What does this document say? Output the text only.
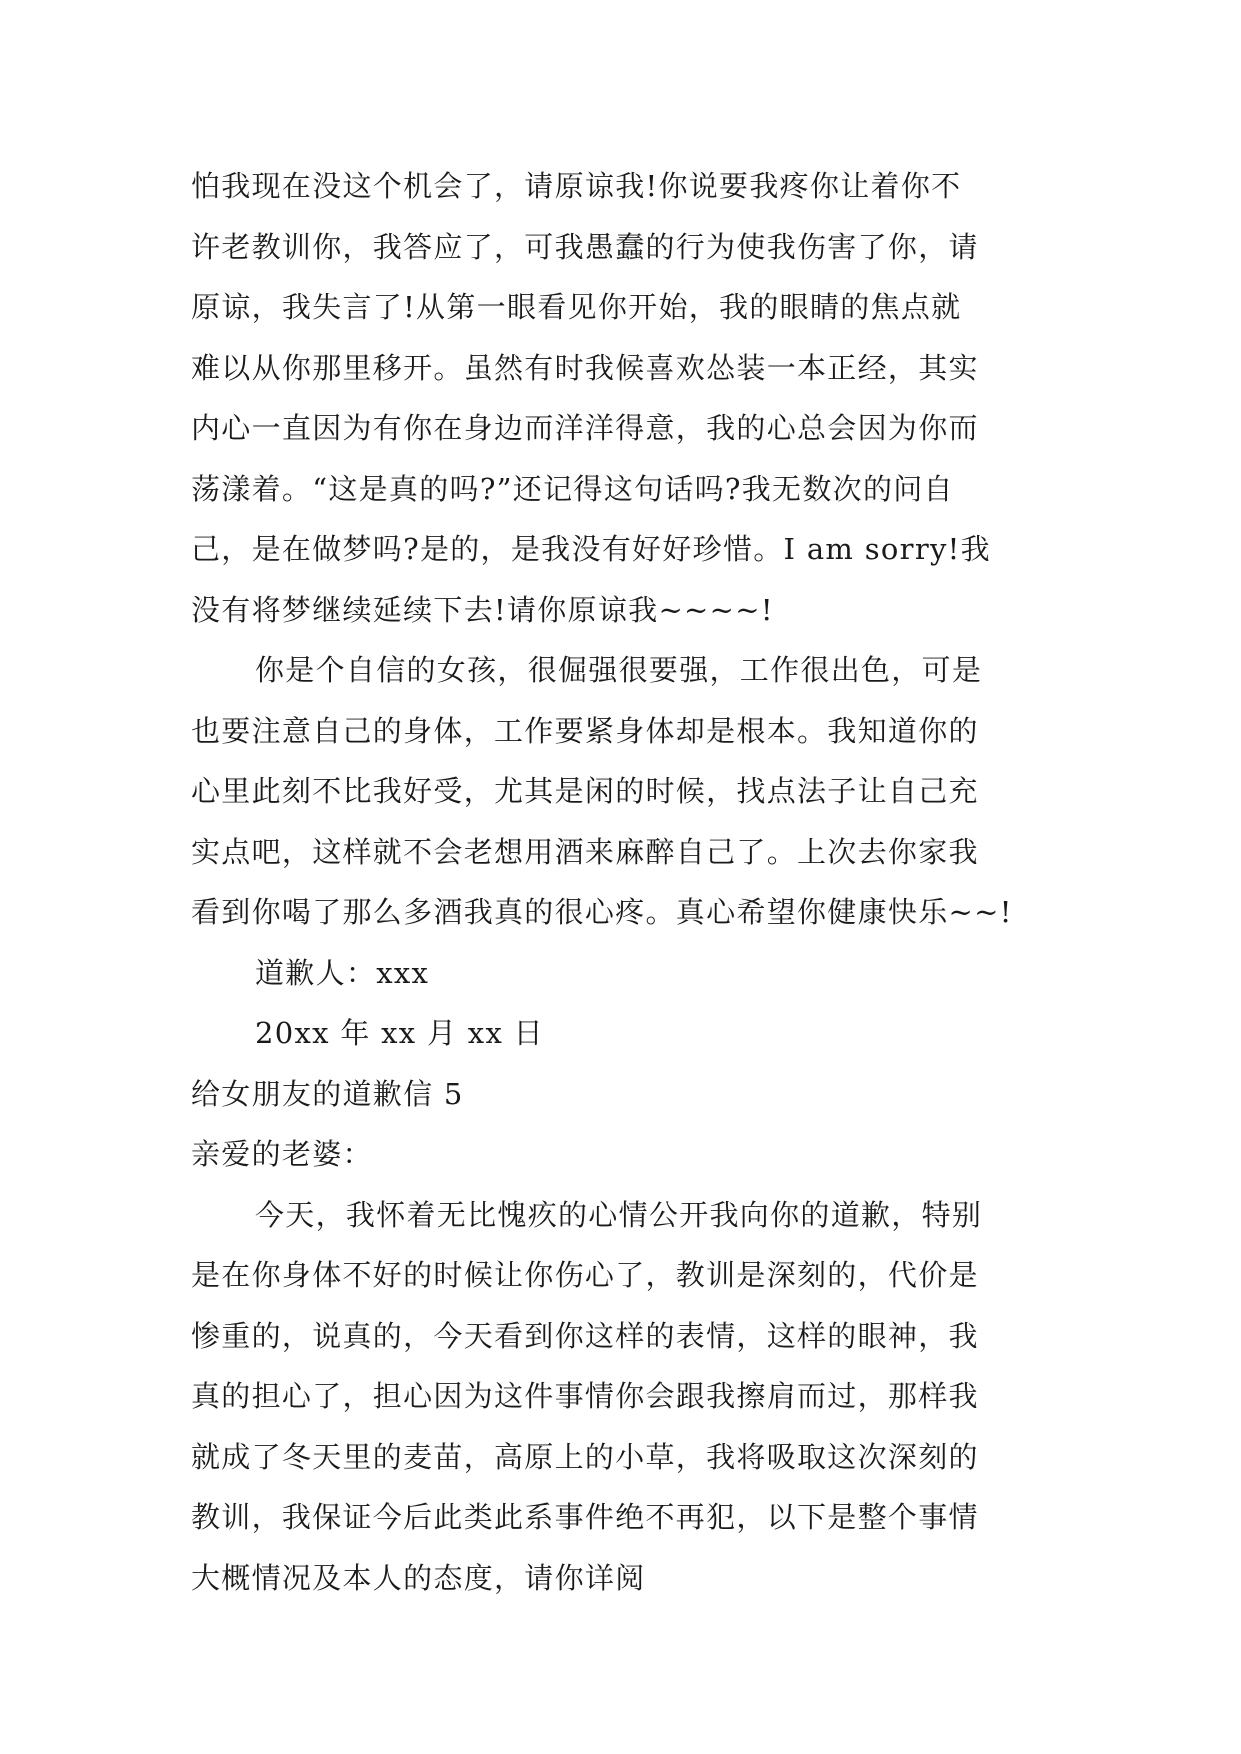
怕我现在没这个机会了，请原谅我!你说要我疼你让着你不
许老教训你，我答应了，可我愚蠢的行为使我伤害了你，请
原谅，我失言了!从第一眼看见你开始，我的眼睛的焦点就
难以从你那里移开。虽然有时我候喜欢怂装一本正经，其实
内心一直因为有你在身边而洋洋得意，我的心总会因为你而
荡漾着。“这是真的吗?”还记得这句话吗?我无数次的问自
己，是在做梦吗?是的，是我没有好好珍惜。I am sorry!我
没有将梦继续延续下去!请你原谅我~~~~!
你是个自信的女孩，很倔强很要强，工作很出色，可是
也要注意自己的身体，工作要紧身体却是根本。我知道你的
心里此刻不比我好受，尤其是闲的时候，找点法子让自己充
实点吧，这样就不会老想用酒来麻醉自己了。上次去你家我
看到你喝了那么多酒我真的很心疼。真心希望你健康快乐~~!
道歉人：xxx
20xx 年 xx 月 xx 日
给女朋友的道歉信 5
亲爱的老婆：
今天，我怀着无比愧疚的心情公开我向你的道歉，特别
是在你身体不好的时候让你伤心了，教训是深刻的，代价是
惨重的，说真的，今天看到你这样的表情，这样的眼神，我
真的担心了，担心因为这件事情你会跟我擦肩而过，那样我
就成了冬天里的麦苗，高原上的小草，我将吸取这次深刻的
教训，我保证今后此类此系事件绝不再犯，以下是整个事情
大概情况及本人的态度，请你详阅
